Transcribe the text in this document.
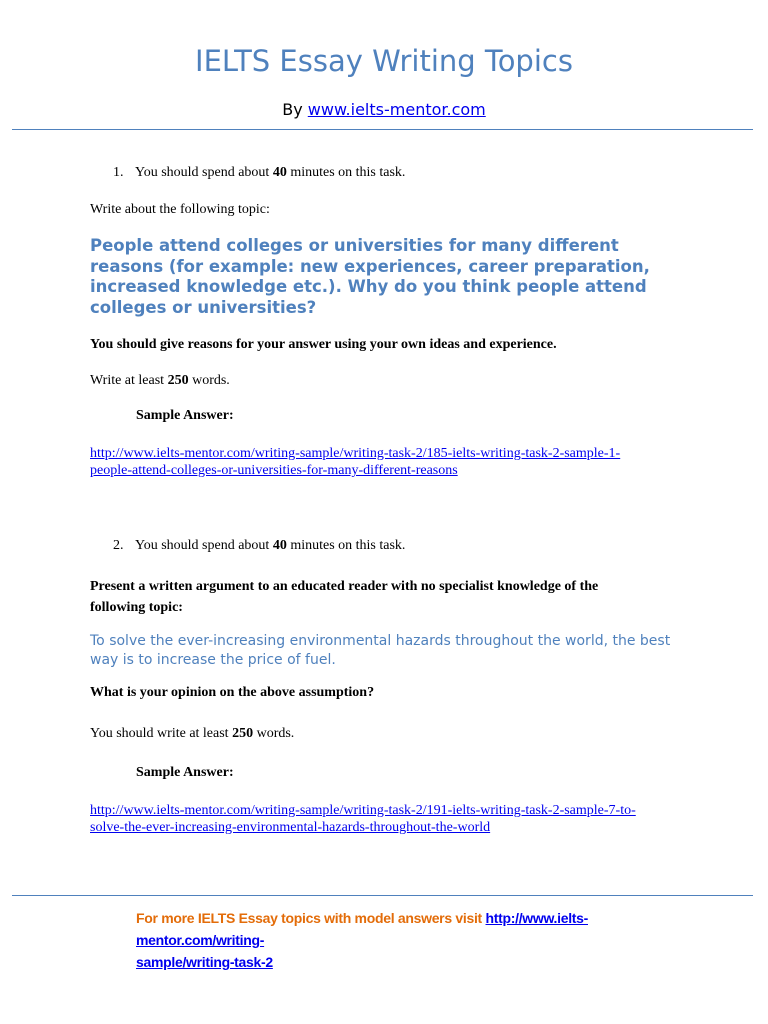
IELTS Essay Writing Topics
By www.ielts-mentor.com
1. You should spend about 40 minutes on this task.
Write about the following topic:
People attend colleges or universities for many different reasons (for example: new experiences, career preparation, increased knowledge etc.). Why do you think people attend colleges or universities?
You should give reasons for your answer using your own ideas and experience.
Write at least 250 words.
Sample Answer:
http://www.ielts-mentor.com/writing-sample/writing-task-2/185-ielts-writing-task-2-sample-1-
people-attend-colleges-or-universities-for-many-different-reasons
2. You should spend about 40 minutes on this task.
Present a written argument to an educated reader with no specialist knowledge of the following topic:
To solve the ever-increasing environmental hazards throughout the world, the best way is to increase the price of fuel.
What is your opinion on the above assumption?
You should write at least 250 words.
Sample Answer:
http://www.ielts-mentor.com/writing-sample/writing-task-2/191-ielts-writing-task-2-sample-7-to-
solve-the-ever-increasing-environmental-hazards-throughout-the-world
For more IELTS Essay topics with model answers visit http://www.ielts-mentor.com/writing-
sample/writing-task-2
